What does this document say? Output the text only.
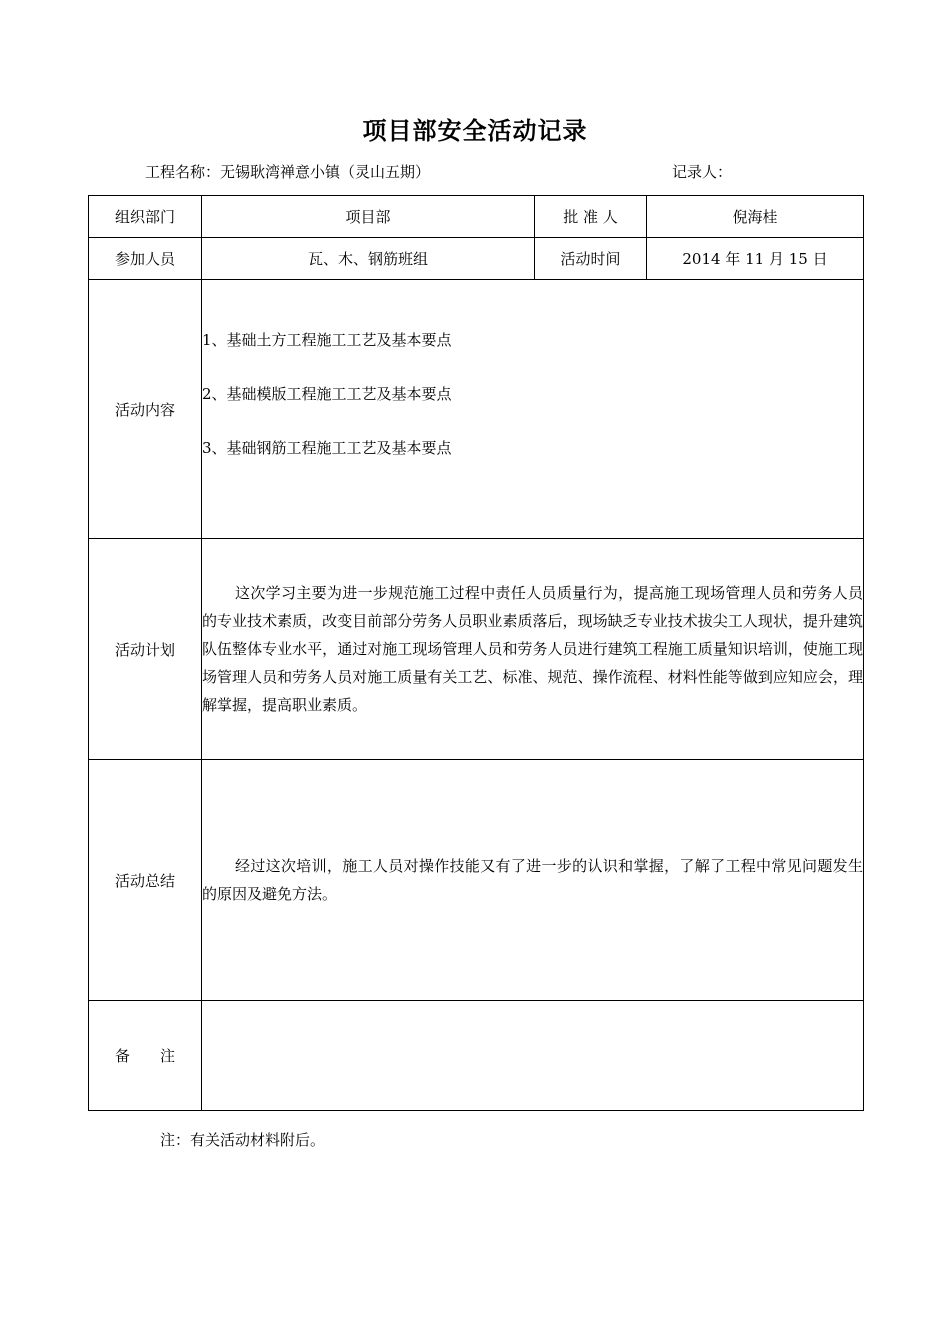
项目部安全活动记录
工程名称：无锡耿湾禅意小镇（灵山五期）	记录人：
组织部门	项目部	批 准 人	倪海桂
参加人员	瓦、木、钢筋班组	活动时间	2014 年 11 月 15 日
活动内容	1、基础土方工程施工工艺及基本要点
2、基础模版工程施工工艺及基本要点
3、基础钢筋工程施工工艺及基本要点		

活动计划	这次学习主要为进一步规范施工过程中责任人员质量行为，提高施工现场管理人员和劳务人员的专业技术素质，改变目前部分劳务人员职业素质落后，现场缺乏专业技术拔尖工人现状，提升建筑队伍整体专业水平，通过对施工现场管理人员和劳务人员进行建筑工程施工质量知识培训，使施工现场管理人员和劳务人员对施工质量有关工艺、标准、规范、操作流程、材料性能等做到应知应会，理解掌握，提高职业素质。		

活动总结	经过这次培训，施工人员对操作技能又有了进一步的认识和掌握，了解了工程中常见问题发生的原因及避免方法。		

备　　注			
注：有关活动材料附后。
